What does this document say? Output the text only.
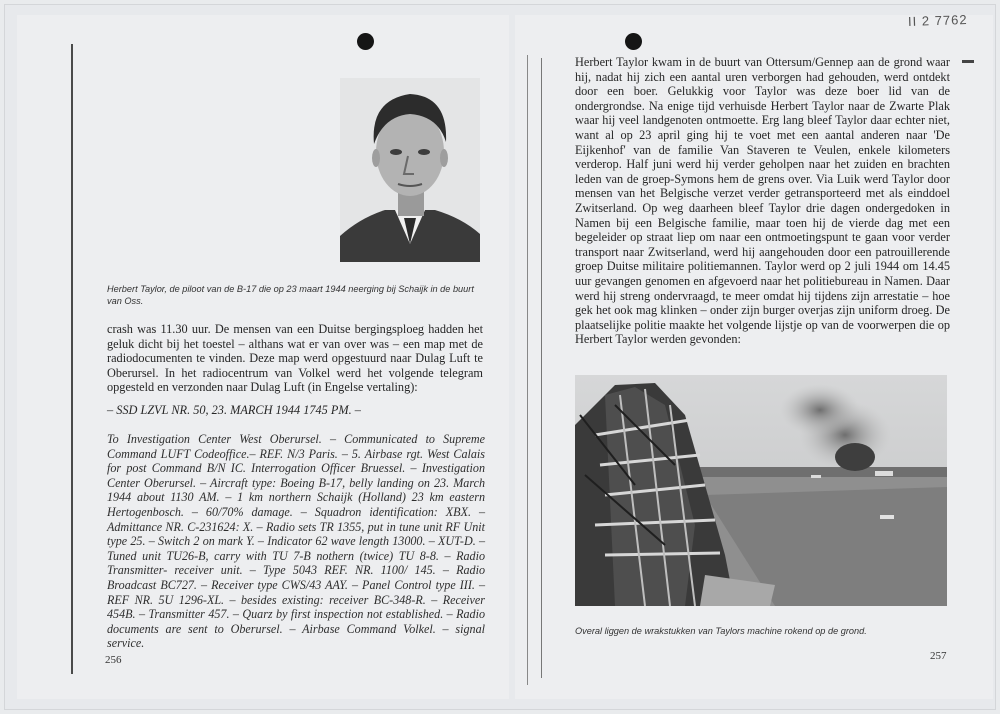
II 2 7762
Herbert Taylor, de piloot van de B-17 die op 23 maart 1944 neerging bij Schaijk in de buurt van Oss.

crash was 11.30 uur. De mensen van een Duitse bergingsploeg hadden het geluk dicht bij het toestel – althans wat er van over was – een map met de radiodocumenten te vinden. Deze map werd opgestuurd naar Dulag Luft te Oberursel. In het radiocentrum van Volkel werd het volgende telegram opgesteld en verzonden naar Dulag Luft (in Engelse vertaling):

– SSD LZVL NR. 50, 23. MARCH 1944 1745 PM. –

To Investigation Center West Oberursel. – Communicated to Supreme Command LUFT Codeoffice.– REF. N/3 Paris. – 5. Airbase rgt. West Calais for post Command B/N IC. Interrogation Officer Bruessel. – Investigation Center Oberursel. – Aircraft type: Boeing B-17, belly landing on 23. March 1944 about 1130 AM. – 1 km northern Schaijk (Holland) 23 km eastern Hertogenbosch. – 60/70% damage. – Squadron identification: XBX. – Admittance NR. C-231624: X. – Radio sets TR 1355, put in tune unit RF Unit type 25. – Switch 2 on mark Y. – Indicator 62 wave length 13000. – XUT-D. – Tuned unit TU26-B, carry with TU 7-B nothern (twice) TU 8-8. – Radio Transmitter- receiver unit. – Type 5043 REF. NR. 1100/ 145. – Radio Broadcast BC727. – Receiver type CWS/43 AAY. – Panel Control type III. – REF NR. 5U 1296-XL. – besides existing: receiver BC-348-R. – Receiver 454B. – Transmitter 457. – Quarz by first inspection not established. – Radio documents are sent to Oberursel. – Airbase Command Volkel. – signal service.

256

Herbert Taylor kwam in de buurt van Ottersum/Gennep aan de grond waar hij, nadat hij zich een aantal uren verborgen had gehouden, werd ontdekt door een boer. Gelukkig voor Taylor was deze boer lid van de ondergrondse. Na enige tijd verhuisde Herbert Taylor naar de Zwarte Plak waar hij veel landgenoten ontmoette. Erg lang bleef Taylor daar echter niet, want al op 23 april ging hij te voet met een aantal anderen naar 'De Eijkenhof' van de familie Van Staveren te Veulen, enkele kilometers verderop. Half juni werd hij verder geholpen naar het zuiden en brachten leden van de groep-Symons hem de grens over. Via Luik werd Taylor door mensen van het Belgische verzet verder getransporteerd met als einddoel Zwitserland. Op weg daarheen bleef Taylor drie dagen ondergedoken in Namen bij een Belgische familie, maar toen hij de vierde dag met een begeleider op straat liep om naar een ontmoetingspunt te gaan voor verder transport naar Zwitserland, werd hij aangehouden door een patrouillerende groep Duitse militaire politiemannen. Taylor werd op 2 juli 1944 om 14.45 uur gevangen genomen en afgevoerd naar het politiebureau in Namen. Daar werd hij streng ondervraagd, te meer omdat hij tijdens zijn arrestatie – hoe gek het ook mag klinken – onder zijn burger overjas zijn uniform droeg. De plaatselijke politie maakte het volgende lijstje op van de voorwerpen die op Herbert Taylor werden gevonden:

Overal liggen de wrakstukken van Taylors machine rokend op de grond.
257
